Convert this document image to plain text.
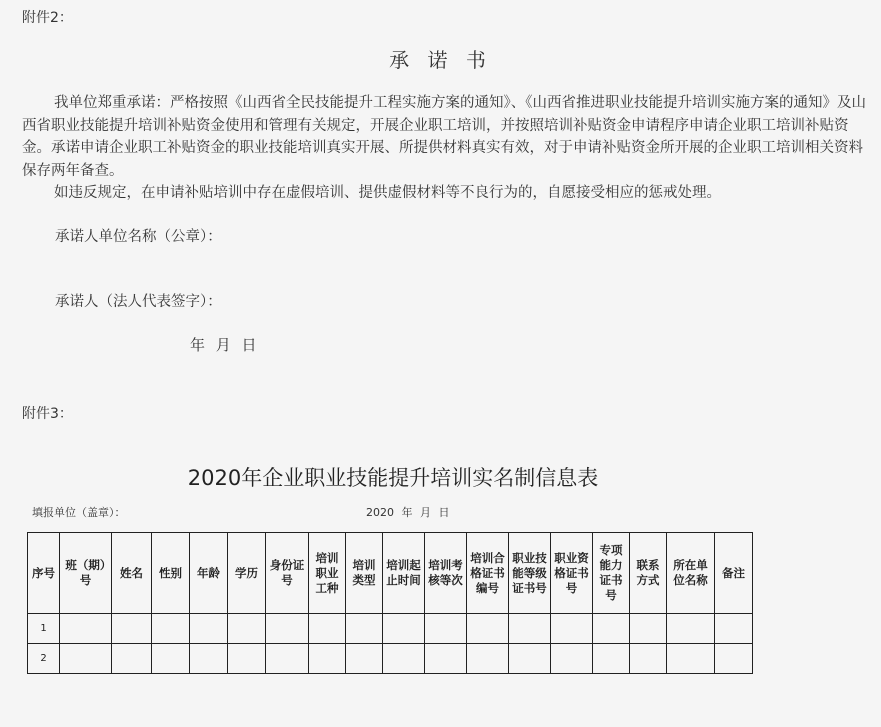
附件2：
承 诺 书

我单位郑重承诺：严格按照《山西省全民技能提升工程实施方案的通知》、《山西省推进职业技能提升培训实施方案的通知》及山西省职业技能提升培训补贴资金使用和管理有关规定，开展企业职工培训，并按照培训补贴资金申请程序申请企业职工培训补贴资金。承诺申请企业职工补贴资金的职业技能培训真实开展、所提供材料真实有效，对于申请补贴资金所开展的企业职工培训相关资料保存两年备查。

如违反规定，在申请补贴培训中存在虚假培训、提供虚假材料等不良行为的，自愿接受相应的惩戒处理。

承诺人单位名称（公章）：
承诺人（法人代表签字）：
年 月 日
附件3：
2020年企业职业技能提升培训实名制信息表
填报单位（盖章）：	2020 年 月 日
序号	班（期）号	姓名	性别	年龄	学历	身份证号	培训职业工种	培训类型	培训起止时间	培训考核等次	培训合格证书编号	职业技能等级证书号	职业资格证书号	专项能力证书号	联系方式	所在单位名称	备注
1																	
2																	
